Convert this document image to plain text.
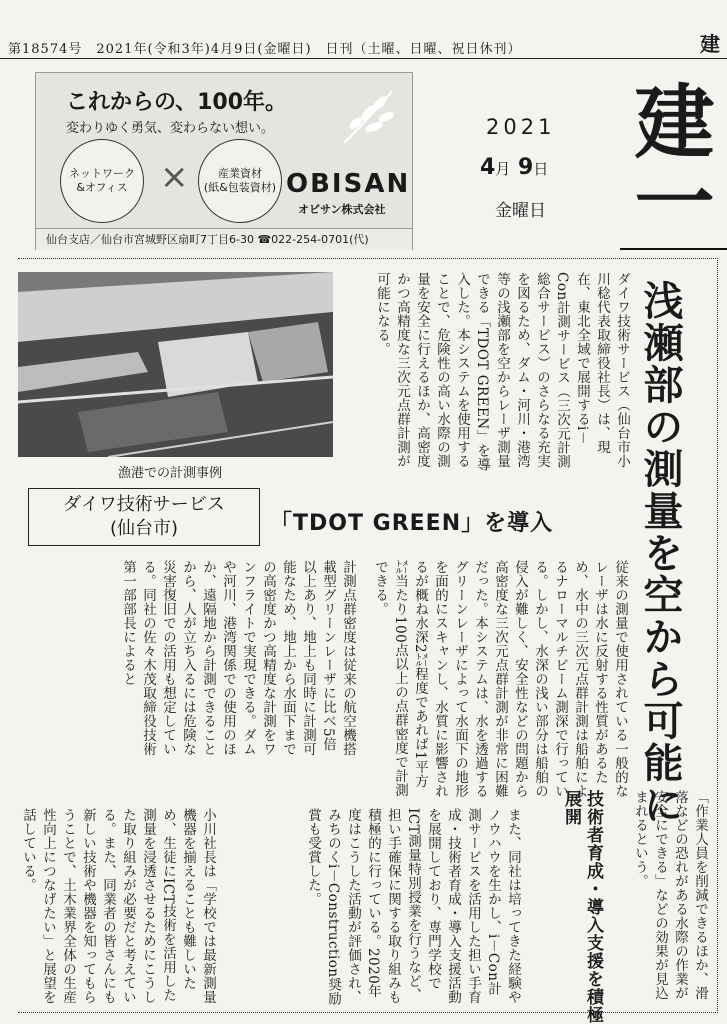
第18574号　2021年(令和3年)4月9日(金曜日)　日刊（土曜、日曜、祝日休刊）	建
これからの、100年。
変わりゆく勇気、変わらない想い。
ネットワーク
&オフィス ×	産業資材
(紙&包装資材) OBISAN
オビサン株式会社
仙台支店／仙台市宮城野区扇町7丁目6-30 ☎022-254-0701(代)
2021
4月 9日
金曜日 建一
漁港での計測事例	浅瀬部の測量を空から可能に
ダイワ技術サービス（仙台市小川稔代表取締役社長）は、現在、東北全域で展開するi－Con計測サービス（三次元計測総合サービス）のさらなる充実を図るため、ダム・河川・港湾等の浅瀬部を空からレーザ測量できる「TDOT GREEN」を導入した。本システムを使用することで、危険性の高い水際の測量を安全に行えるほか、高密度かつ高精度な三次元点群計測が可能になる。
ダイワ技術サービス
(仙台市)	「TDOT GREEN」を導入
従来の測量で使用されている一般的なレーザは水に反射する性質があるため、水中の三次元点群計測は船舶によるナローマルチビーム測深で行っている。しかし、水深の浅い部分は船舶の侵入が難しく、安全性などの問題から高密度な三次元点群計測が非常に困難だった。本システムは、水を透過するグリーンレーザによって水面下の地形を面的にスキャンし、水質に影響されるが概ね水深2㍍程度であれば1平方㍍当たり100点以上の点群密度で計測できる。
計測点群密度は従来の航空機搭載型グリーンレーザに比べ5倍以上あり、地上も同時に計測可能なため、地上から水面下までの高密度かつ高精度な計測をワンフライトで実現できる。ダムや河川、港湾関係での使用のほか、遠隔地から計測できることから、人が立ち入るには危険な災害復旧での活用も想定している。同社の佐々木茂取締役技術第一部部長によると
「作業人員を削減できるほか、滑落などの恐れがある水際の作業が安全にできる」などの効果が見込まれるという。
技術者育成・導入支援を積極展開
また、同社は培ってきた経験やノウハウを生かし、i－Con計測サービスを活用した担い手育成・技術者育成・導入支援活動を展開しており、専門学校でICT測量特別授業を行うなど、担い手確保に関する取り組みも積極的に行っている。2020年度はこうした活動が評価され、みちのくi－Construction奨励賞も受賞した。
小川社長は「学校では最新測量機器を揃えることも難しいため、生徒にICT技術を活用した測量を浸透させるためにこうした取り組みが必要だと考えている。また、同業者の皆さんにも新しい技術や機器を知ってもらうことで、土木業界全体の生産性向上につなげたい」と展望を話している。
